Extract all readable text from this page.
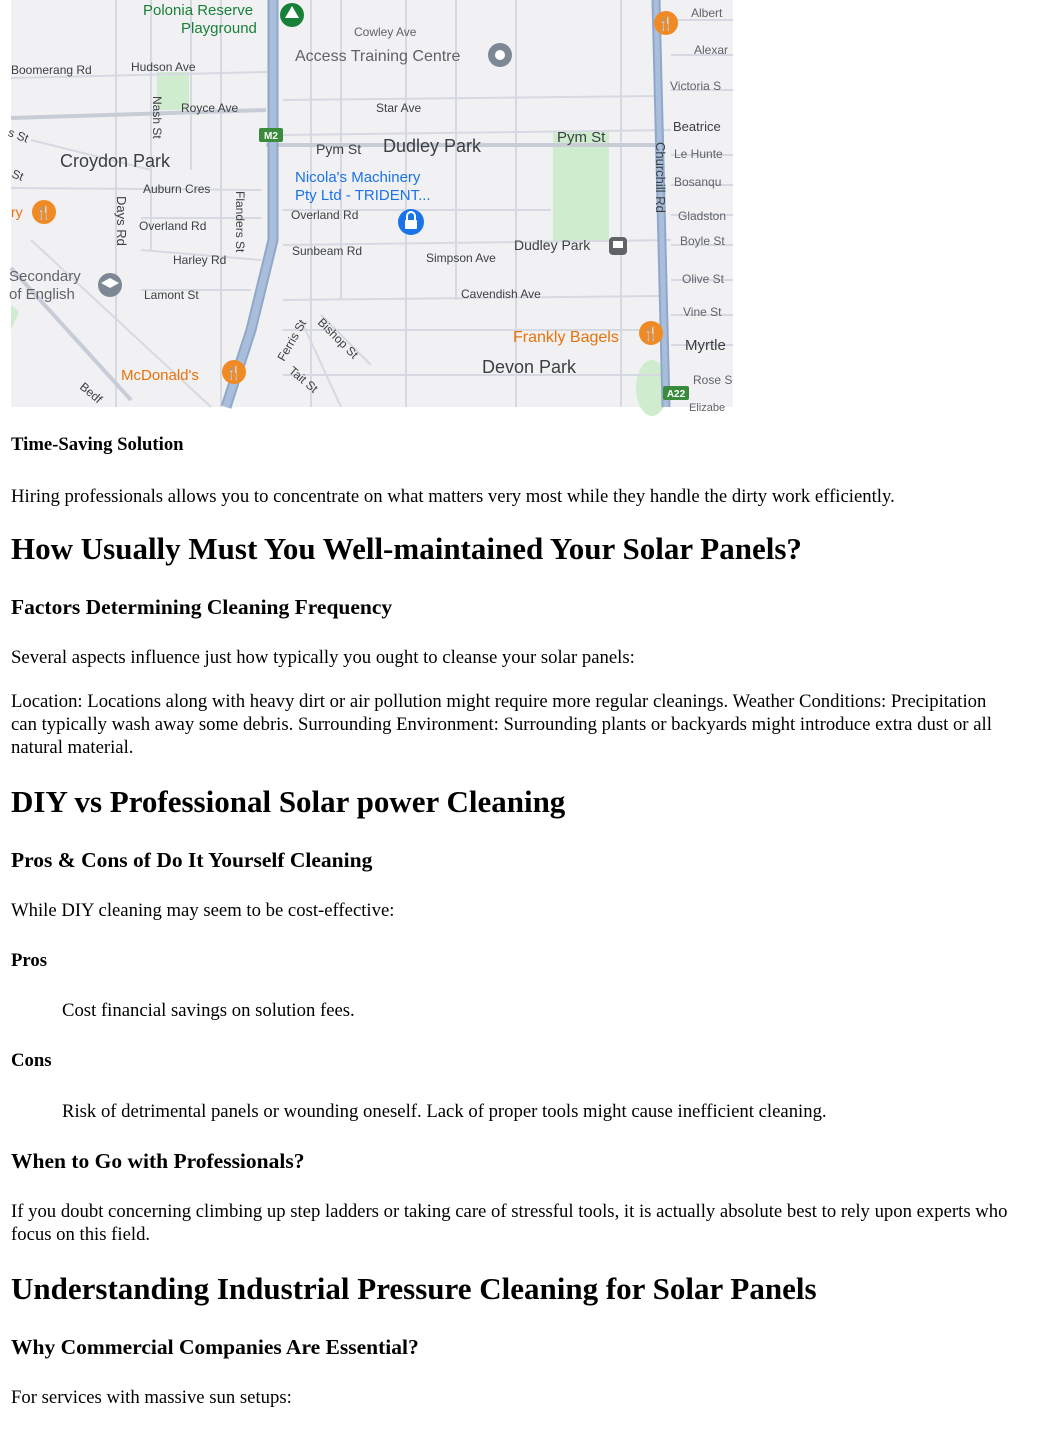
M2
A22
🍴
🍴
🍴
🍴
Polonia Reserve
Playground	Cowley Ave
Albert
Alexar
Access Training Centre
Boomerang Rd	Hudson Ave
Victoria S
Nash St Royce Ave	Star Ave
Beatrice
s St
Pym St Dudley Park	Pym St
Croydon Park	Le Hunte
Churchill Rd Bosanqu
St	Nicola's Machinery
Pty Ltd - TRIDENT...
Auburn Cres
Days Rd	Flanders St
Overland Rd
Overland Rd	Gladston
ry
Boyle St
Dudley Park
Harley Rd
Sunbeam Rd	Simpson Ave
Olive St
Secondary
of English	Lamont St	Cavendish Ave
Vine St
Frankly Bagels
Bishop St
Ferris St	Myrtle
Devon Park
McDonald's	Tait St	Rose S
Bedf
Elizabe

Time-Saving Solution

Hiring professionals allows you to concentrate on what matters very most while they handle the dirty work efficiently.

How Usually Must You Well-maintained Your Solar Panels?
Factors Determining Cleaning Frequency

Several aspects influence just how typically you ought to cleanse your solar panels:

Location: Locations along with heavy dirt or air pollution might require more regular cleanings. Weather Conditions: Precipitation can typically wash away some debris. Surrounding Environment: Surrounding plants or backyards might introduce extra dust or all natural material.

DIY vs Professional Solar power Cleaning
Pros & Cons of Do It Yourself Cleaning

While DIY cleaning may seem to be cost-effective:

Pros

Cost financial savings on solution fees.

Cons

Risk of detrimental panels or wounding oneself. Lack of proper tools might cause inefficient cleaning.

When to Go with Professionals?

If you doubt concerning climbing up step ladders or taking care of stressful tools, it is actually absolute best to rely upon experts who focus on this field.

Understanding Industrial Pressure Cleaning for Solar Panels
Why Commercial Companies Are Essential?

For services with massive sun setups:
